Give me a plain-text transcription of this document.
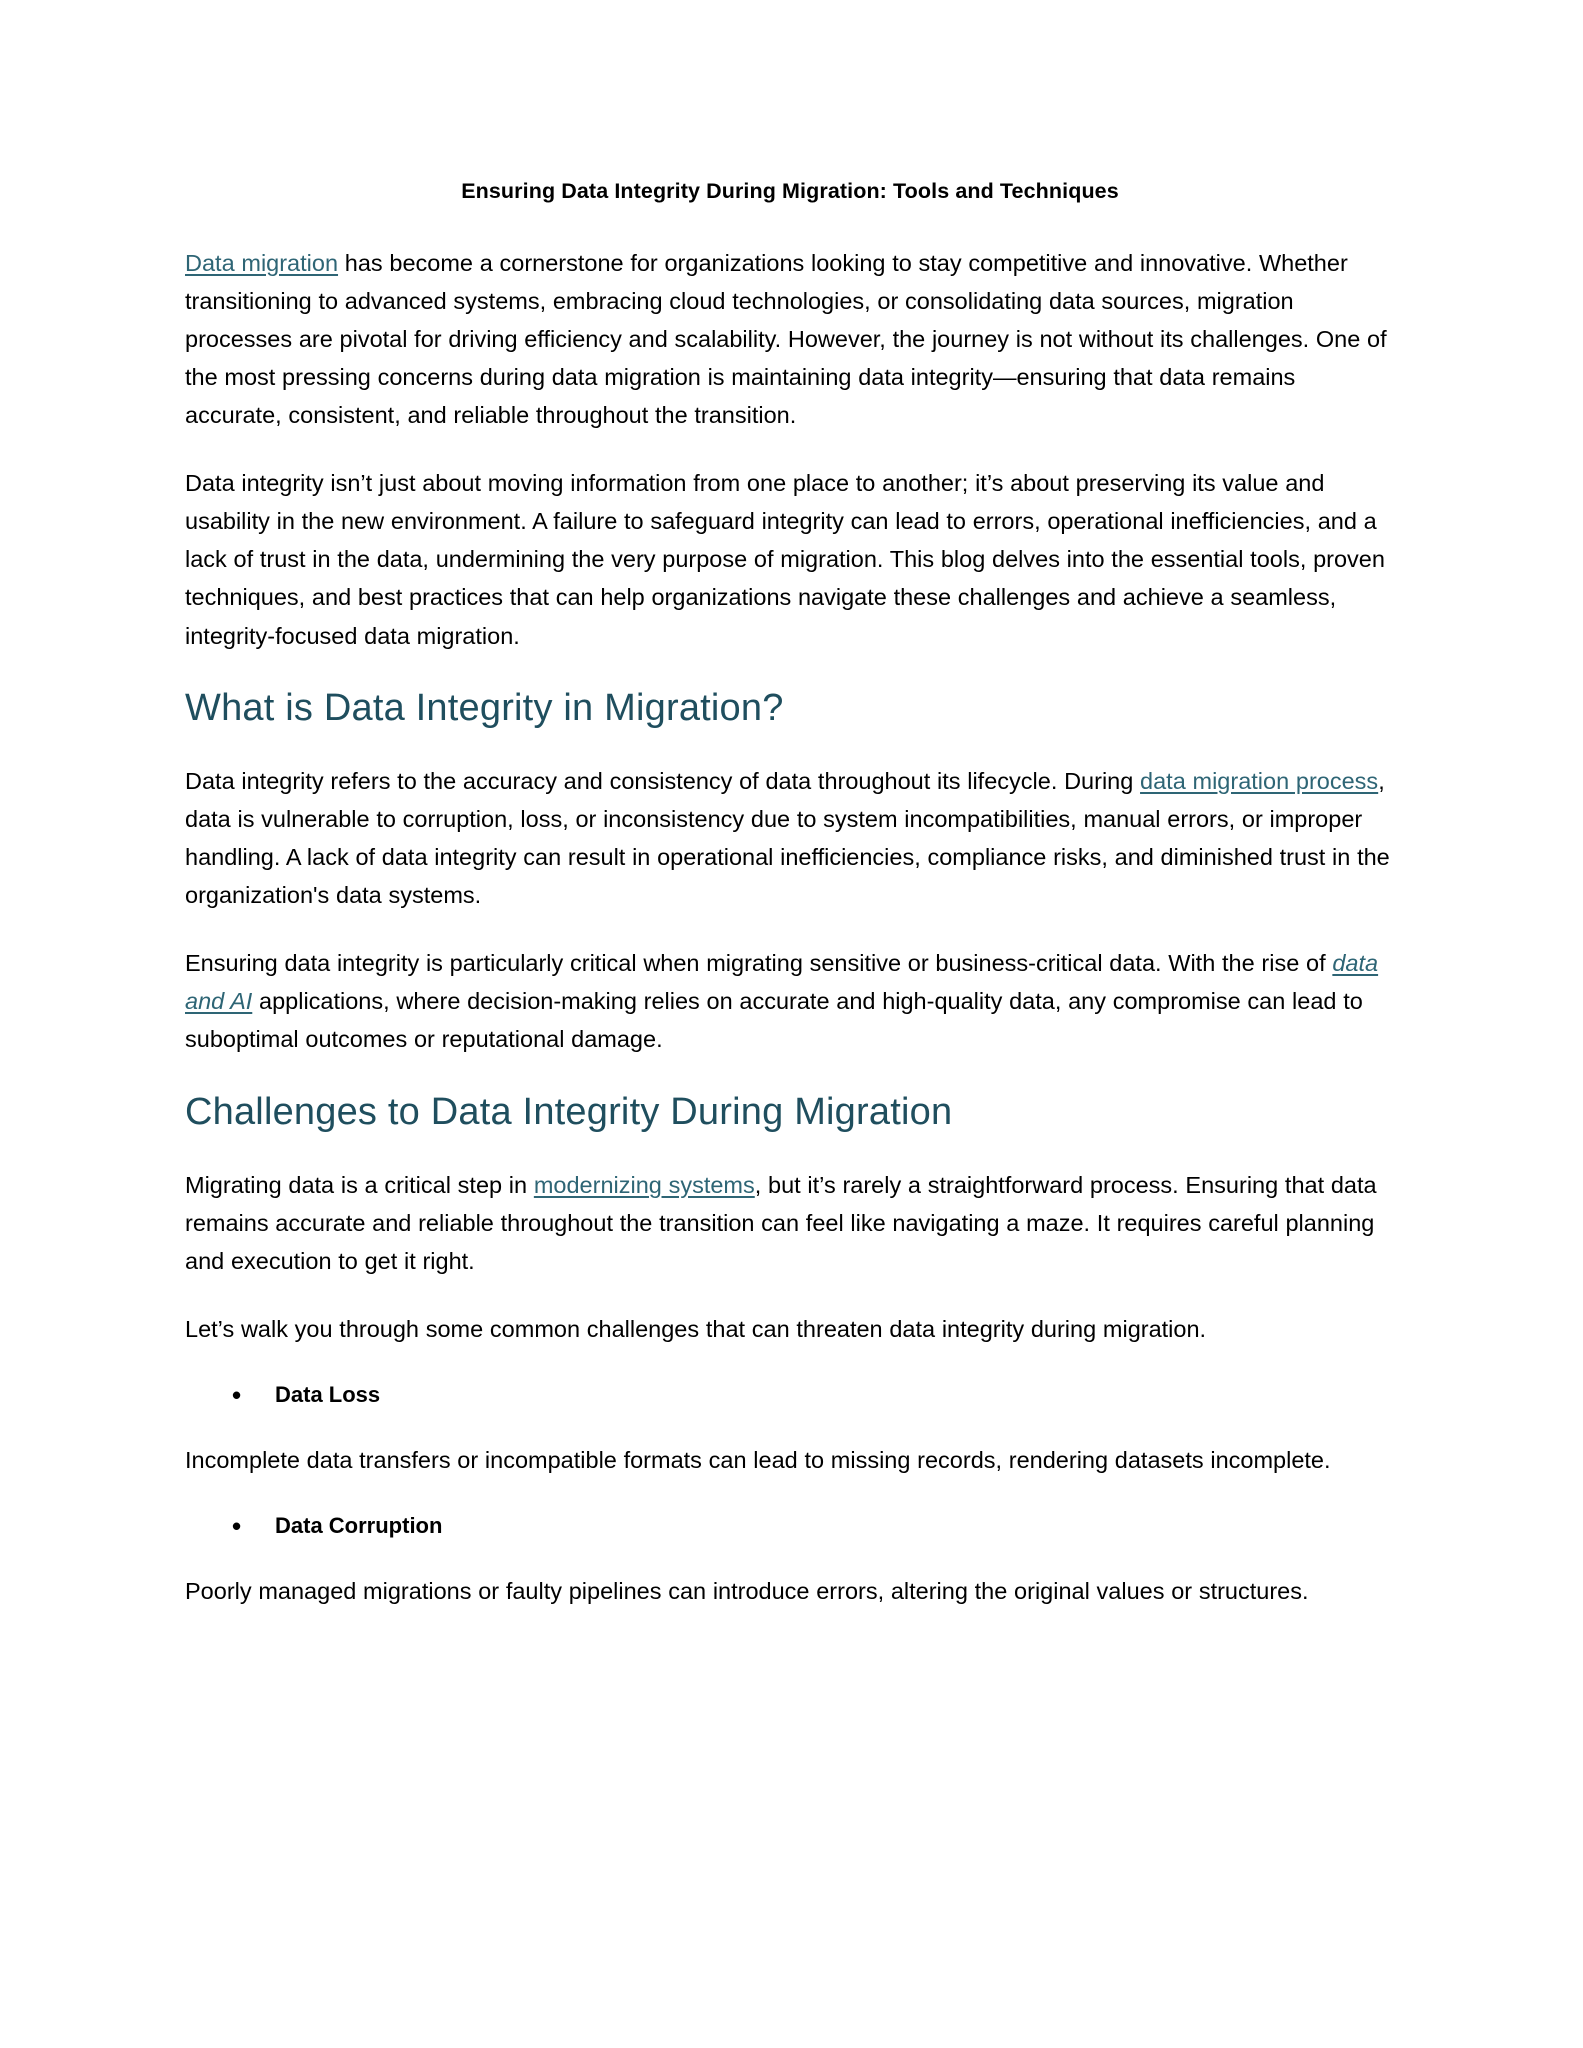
Ensuring Data Integrity During Migration: Tools and Techniques

Data migration has become a cornerstone for organizations looking to stay competitive and innovative. Whether transitioning to advanced systems, embracing cloud technologies, or consolidating data sources, migration processes are pivotal for driving efficiency and scalability. However, the journey is not without its challenges. One of the most pressing concerns during data migration is maintaining data integrity—ensuring that data remains accurate, consistent, and reliable throughout the transition.

Data integrity isn’t just about moving information from one place to another; it’s about preserving its value and usability in the new environment. A failure to safeguard integrity can lead to errors, operational inefficiencies, and a lack of trust in the data, undermining the very purpose of migration. This blog delves into the essential tools, proven techniques, and best practices that can help organizations navigate these challenges and achieve a seamless, integrity-focused data migration.

What is Data Integrity in Migration?

Data integrity refers to the accuracy and consistency of data throughout its lifecycle. During data migration process, data is vulnerable to corruption, loss, or inconsistency due to system incompatibilities, manual errors, or improper handling. A lack of data integrity can result in operational inefficiencies, compliance risks, and diminished trust in the organization's data systems.

Ensuring data integrity is particularly critical when migrating sensitive or business-critical data. With the rise of data and AI applications, where decision-making relies on accurate and high-quality data, any compromise can lead to suboptimal outcomes or reputational damage.

Challenges to Data Integrity During Migration

Migrating data is a critical step in modernizing systems, but it’s rarely a straightforward process. Ensuring that data remains accurate and reliable throughout the transition can feel like navigating a maze. It requires careful planning and execution to get it right.

Let’s walk you through some common challenges that can threaten data integrity during migration.

• Data Loss

Incomplete data transfers or incompatible formats can lead to missing records, rendering datasets incomplete.

• Data Corruption

Poorly managed migrations or faulty pipelines can introduce errors, altering the original values or structures.
